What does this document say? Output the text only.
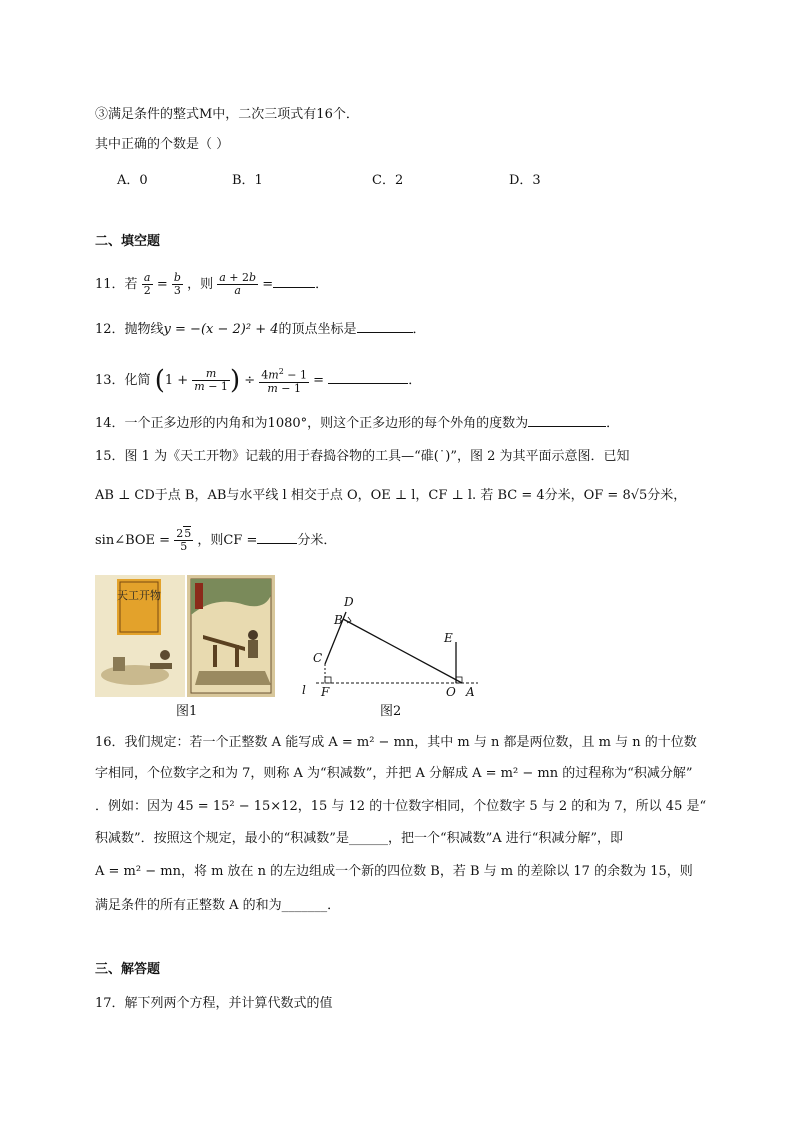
③满足条件的整式M中，二次三项式有16个．
其中正确的个数是（ ）
A．0	B．1	C．2	D．3
二、填空题
11．若 $\frac{a}{2} = \frac{b}{3}$ ，则 $\frac{a + 2b}{a}$ =	．
12．抛物线y = −(x − 2)² + 4的顶点坐标是	．
13．化简 ($1 + \frac{m}{m - 1}$ ) ÷ $\frac{4m^2 - 1}{m - 1}$ =	．
14．一个正多边形的内角和为1080°，则这个正多边形的每个外角的度数为	．
15．图 1 为《天工开物》记载的用于舂捣谷物的工具—“碓(˙)”，图 2 为其平面示意图．已知
AB ⊥ CD于点 B，AB与水平线 l 相交于点 O，OE ⊥ l，CF ⊥ l. 若 BC = 4分米，OF = 8√5分米，
sin∠BOE = $\frac{25}{5}$ ，则CF =	分米．
天工开物
图1
D
B
C
E
l F	O A
图2
16．我们规定：若一个正整数 A 能写成 A = m² − mn，其中 m 与 n 都是两位数，且 m 与 n 的十位数
字相同，个位数字之和为 7，则称 A 为“积减数”，并把 A 分解成 A = m² − mn 的过程称为“积减分解”
．例如：因为 45 = 15² − 15×12，15 与 12 的十位数字相同，个位数字 5 与 2 的和为 7，所以 45 是“
积减数”．按照这个规定，最小的“积减数”是______，把一个“积减数”A 进行“积减分解”，即
A = m² − mn，将 m 放在 n 的左边组成一个新的四位数 B，若 B 与 m 的差除以 17 的余数为 15，则
满足条件的所有正整数 A 的和为_______．
三、解答题
17．解下列两个方程，并计算代数式的值
